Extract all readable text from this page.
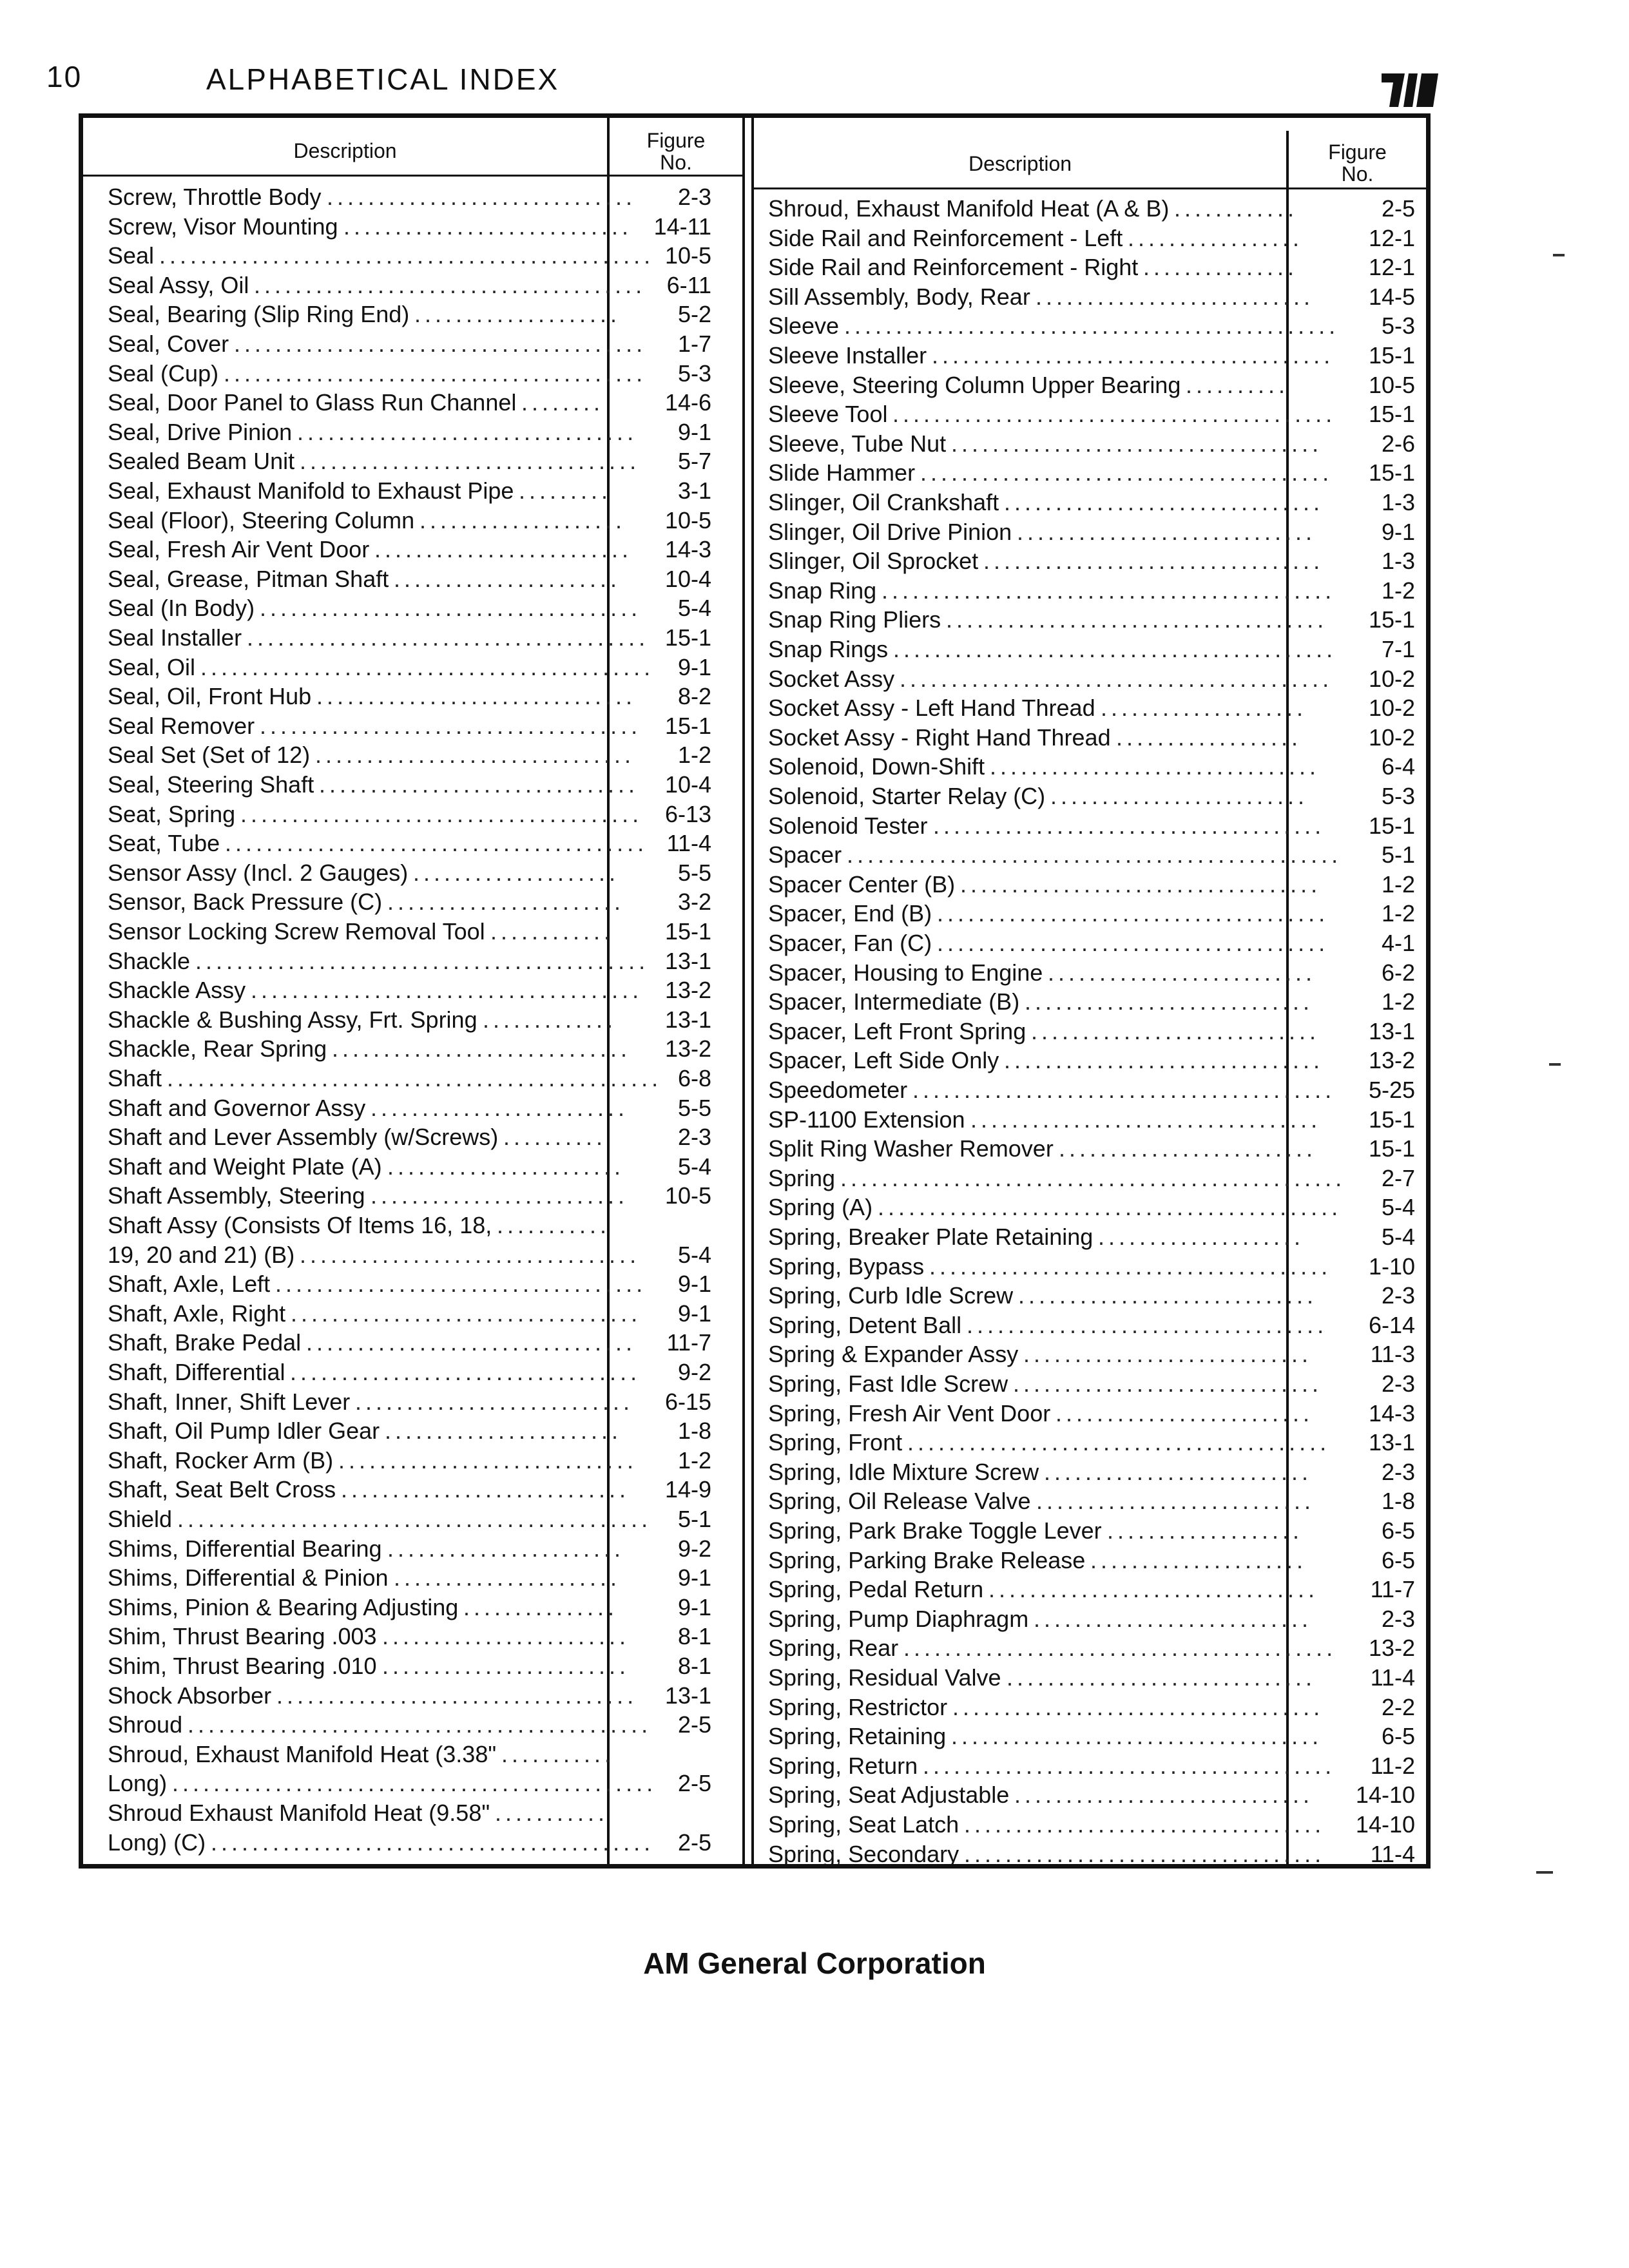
10	ALPHABETICAL INDEX
Description	Figure
No.	Description	Figure
No.
Screw, Throttle Body ..............................	2-3
Screw, Visor Mounting ............................ 14-11
Seal ................................................ 10-5
Seal Assy, Oil ...................................... 6-11
Seal, Bearing (Slip Ring End) ....................	5-2
Seal, Cover ........................................	1-7
Seal (Cup) .........................................	5-3
Seal, Door Panel to Glass Run Channel ........	14-6
Seal, Drive Pinion .................................	9-1
Sealed Beam Unit .................................	5-7
Seal, Exhaust Manifold to Exhaust Pipe .........	3-1
Seal (Floor), Steering Column ....................	10-5
Seal, Fresh Air Vent Door .........................	14-3
Seal, Grease, Pitman Shaft ......................	10-4
Seal (In Body) .....................................	5-4
Seal Installer ....................................... 15-1
Seal, Oil ............................................	9-1
Seal, Oil, Front Hub ...............................	8-2
Seal Remover .....................................	15-1
Seal Set (Set of 12) ...............................	1-2
Seal, Steering Shaft ...............................	10-4
Seat, Spring ....................................... 6-13
Seat, Tube ......................................... 11-4
Sensor Assy (Incl. 2 Gauges) ....................	5-5
Sensor, Back Pressure (C) .......................	3-2
Sensor Locking Screw Removal Tool ............	15-1
Shackle ............................................ 13-1
Shackle Assy ...................................... 13-2
Shackle & Bushing Assy, Frt. Spring .............	13-1
Shackle, Rear Spring .............................	13-2
Shaft ................................................ 6-8
Shaft and Governor Assy .........................	5-5
Shaft and Lever Assembly (w/Screws) ..........	2-3
Shaft and Weight Plate (A) .......................	5-4
Shaft Assembly, Steering .........................	10-5
Shaft Assy (Consists Of Items 16, 18, ...........
19, 20 and 21) (B) .................................	5-4
Shaft, Axle, Left ....................................	9-1
Shaft, Axle, Right ..................................	9-1
Shaft, Brake Pedal ................................	11-7
Shaft, Differential ..................................	9-2
Shaft, Inner, Shift Lever ...........................	6-15
Shaft, Oil Pump Idler Gear .......................	1-8
Shaft, Rocker Arm (B) .............................	1-2
Shaft, Seat Belt Cross ............................	14-9
Shield ..............................................	5-1
Shims, Differential Bearing .......................	9-2
Shims, Differential & Pinion ......................	9-1
Shims, Pinion & Bearing Adjusting ...............	9-1
Shim, Thrust Bearing .003 ........................	8-1
Shim, Thrust Bearing .010 ........................	8-1
Shock Absorber ...................................	13-1
Shroud .............................................	2-5
Shroud, Exhaust Manifold Heat (3.38" ...........
Long) ............................................... 2-5
Shroud Exhaust Manifold Heat (9.58" ...........
Long) (C) ...........................................	2-5
Shroud, Exhaust Manifold Heat (A & B) ............	2-5
Side Rail and Reinforcement - Left .................	12-1
Side Rail and Reinforcement - Right ...............	12-1
Sill Assembly, Body, Rear ...........................	14-5
Sleeve ................................................	5-3
Sleeve Installer .......................................	15-1
Sleeve, Steering Column Upper Bearing ..........	10-5
Sleeve Tool ...........................................	15-1
Sleeve, Tube Nut ....................................	2-6
Slide Hammer ........................................	15-1
Slinger, Oil Crankshaft ...............................	1-3
Slinger, Oil Drive Pinion .............................	9-1
Slinger, Oil Sprocket .................................	1-3
Snap Ring ............................................	1-2
Snap Ring Pliers .....................................	15-1
Snap Rings ...........................................	7-1
Socket Assy ..........................................	10-2
Socket Assy - Left Hand Thread ....................	10-2
Socket Assy - Right Hand Thread ..................	10-2
Solenoid, Down-Shift ................................	6-4
Solenoid, Starter Relay (C) .........................	5-3
Solenoid Tester ......................................	15-1
Spacer ................................................	5-1
Spacer Center (B) ...................................	1-2
Spacer, End (B) ......................................	1-2
Spacer, Fan (C) ......................................	4-1
Spacer, Housing to Engine ..........................	6-2
Spacer, Intermediate (B) ............................	1-2
Spacer, Left Front Spring ............................	13-1
Spacer, Left Side Only ...............................	13-2
Speedometer .........................................	5-25
SP-1100 Extension ..................................	15-1
Split Ring Washer Remover .........................	15-1
Spring .................................................	2-7
Spring (A) .............................................	5-4
Spring, Breaker Plate Retaining ....................	5-4
Spring, Bypass .......................................	1-10
Spring, Curb Idle Screw .............................	2-3
Spring, Detent Ball ...................................	6-14
Spring & Expander Assy ............................	11-3
Spring, Fast Idle Screw ..............................	2-3
Spring, Fresh Air Vent Door .........................	14-3
Spring, Front .........................................	13-1
Spring, Idle Mixture Screw ..........................	2-3
Spring, Oil Release Valve ...........................	1-8
Spring, Park Brake Toggle Lever ...................	6-5
Spring, Parking Brake Release .....................	6-5
Spring, Pedal Return ................................	11-7
Spring, Pump Diaphragm ...........................	2-3
Spring, Rear ..........................................	13-2
Spring, Residual Valve ..............................	11-4
Spring, Restrictor ....................................	2-2
Spring, Retaining ....................................	6-5
Spring, Return ........................................	11-2
Spring, Seat Adjustable .............................	14-10
Spring, Seat Latch ...................................	14-10
Spring, Secondary ...................................	11-4
AM General Corporation
